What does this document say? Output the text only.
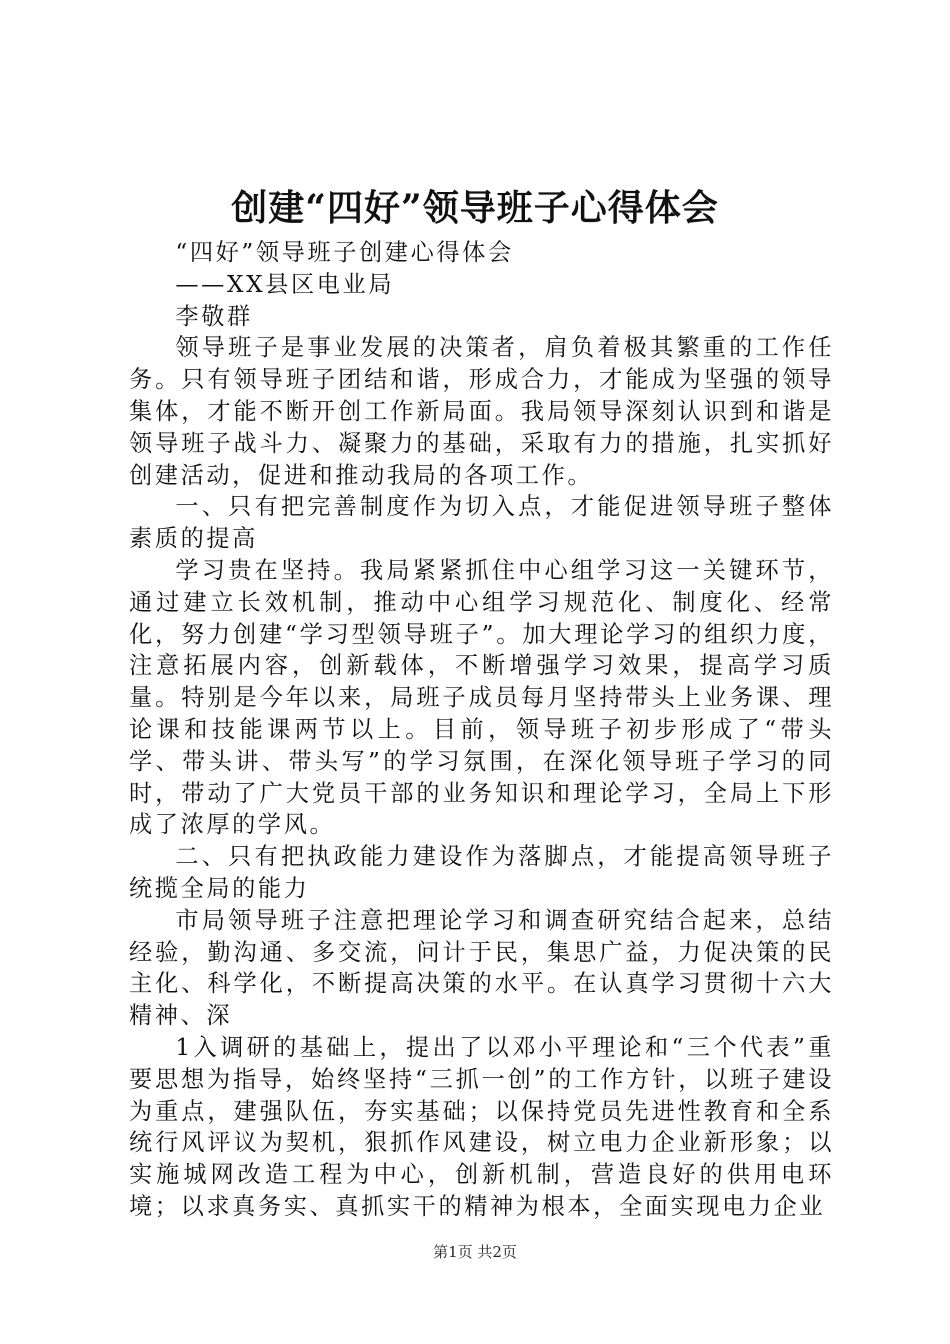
创建“四好”领导班子心得体会

“四好”领导班子创建心得体会

——XX县区电业局

李敬群

领导班子是事业发展的决策者，肩负着极其繁重的工作任务。只有领导班子团结和谐，形成合力，才能成为坚强的领导集体，才能不断开创工作新局面。我局领导深刻认识到和谐是领导班子战斗力、凝聚力的基础，采取有力的措施，扎实抓好创建活动，促进和推动我局的各项工作。

一、只有把完善制度作为切入点，才能促进领导班子整体素质的提高

学习贵在坚持。我局紧紧抓住中心组学习这一关键环节，通过建立长效机制，推动中心组学习规范化、制度化、经常化，努力创建“学习型领导班子”。加大理论学习的组织力度，注意拓展内容，创新载体，不断增强学习效果，提高学习质量。特别是今年以来，局班子成员每月坚持带头上业务课、理论课和技能课两节以上。目前，领导班子初步形成了“带头学、带头讲、带头写”的学习氛围，在深化领导班子学习的同时，带动了广大党员干部的业务知识和理论学习，全局上下形成了浓厚的学风。

二、只有把执政能力建设作为落脚点，才能提高领导班子统揽全局的能力

市局领导班子注意把理论学习和调查研究结合起来，总结经验，勤沟通、多交流，问计于民，集思广益，力促决策的民主化、科学化，不断提高决策的水平。在认真学习贯彻十六大精神、深

1入调研的基础上，提出了以邓小平理论和“三个代表”重要思想为指导，始终坚持“三抓一创”的工作方针，以班子建设为重点，建强队伍，夯实基础；以保持党员先进性教育和全系统行风评议为契机，狠抓作风建设，树立电力企业新形象；以实施城网改造工程为中心，创新机制，营造良好的供用电环境；以求真务实、真抓实干的精神为根本，全面实现电力企业

第1页 共2页
